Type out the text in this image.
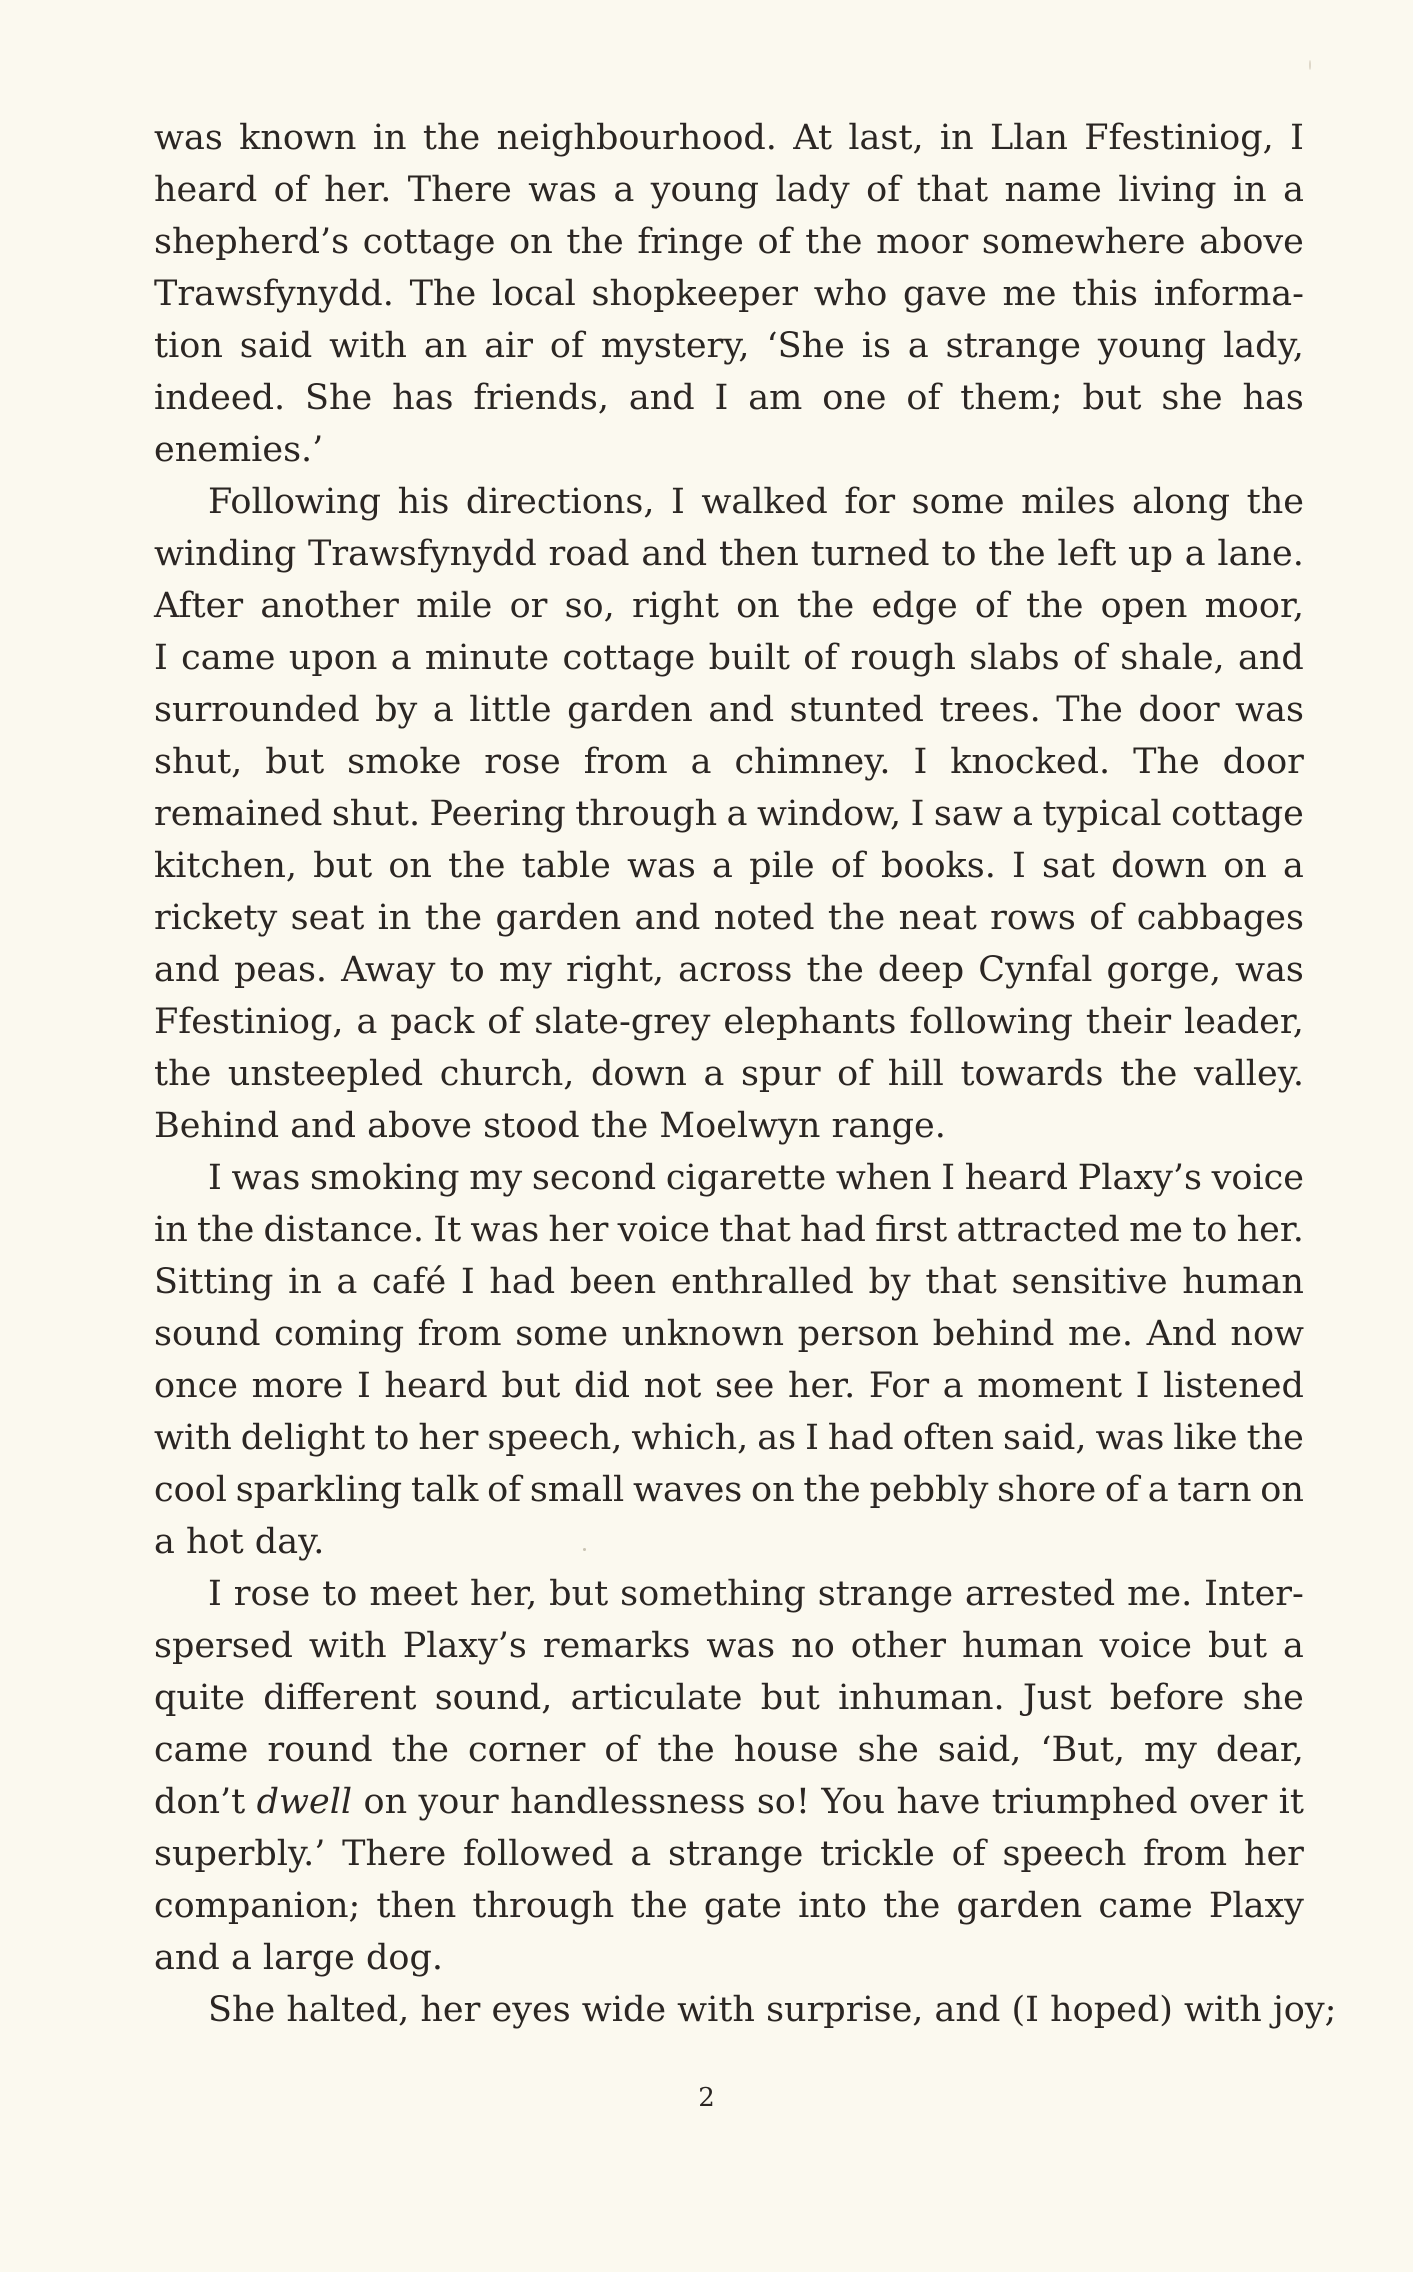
was known in the neighbourhood. At last, in Llan Ffestiniog, I
heard of her. There was a young lady of that name living in a
shepherd’s cottage on the fringe of the moor somewhere above
Trawsfynydd. The local shopkeeper who gave me this informa-
tion said with an air of mystery, ‘She is a strange young lady,
indeed. She has friends, and I am one of them; but she has
enemies.’
Following his directions, I walked for some miles along the
winding Trawsfynydd road and then turned to the left up a lane.
After another mile or so, right on the edge of the open moor,
I came upon a minute cottage built of rough slabs of shale, and
surrounded by a little garden and stunted trees. The door was
shut, but smoke rose from a chimney. I knocked. The door
remained shut. Peering through a window, I saw a typical cottage
kitchen, but on the table was a pile of books. I sat down on a
rickety seat in the garden and noted the neat rows of cabbages
and peas. Away to my right, across the deep Cynfal gorge, was
Ffestiniog, a pack of slate-grey elephants following their leader,
the unsteepled church, down a spur of hill towards the valley.
Behind and above stood the Moelwyn range.
I was smoking my second cigarette when I heard Plaxy’s voice
in the distance. It was her voice that had first attracted me to her.
Sitting in a café I had been enthralled by that sensitive human
sound coming from some unknown person behind me. And now
once more I heard but did not see her. For a moment I listened
with delight to her speech, which, as I had often said, was like the
cool sparkling talk of small waves on the pebbly shore of a tarn on
a hot day.
I rose to meet her, but something strange arrested me. Inter-
spersed with Plaxy’s remarks was no other human voice but a
quite different sound, articulate but inhuman. Just before she
came round the corner of the house she said, ‘But, my dear,
don’t dwell on your handlessness so! You have triumphed over it
superbly.’ There followed a strange trickle of speech from her
companion; then through the gate into the garden came Plaxy
and a large dog.
She halted, her eyes wide with surprise, and (I hoped) with joy;
2
